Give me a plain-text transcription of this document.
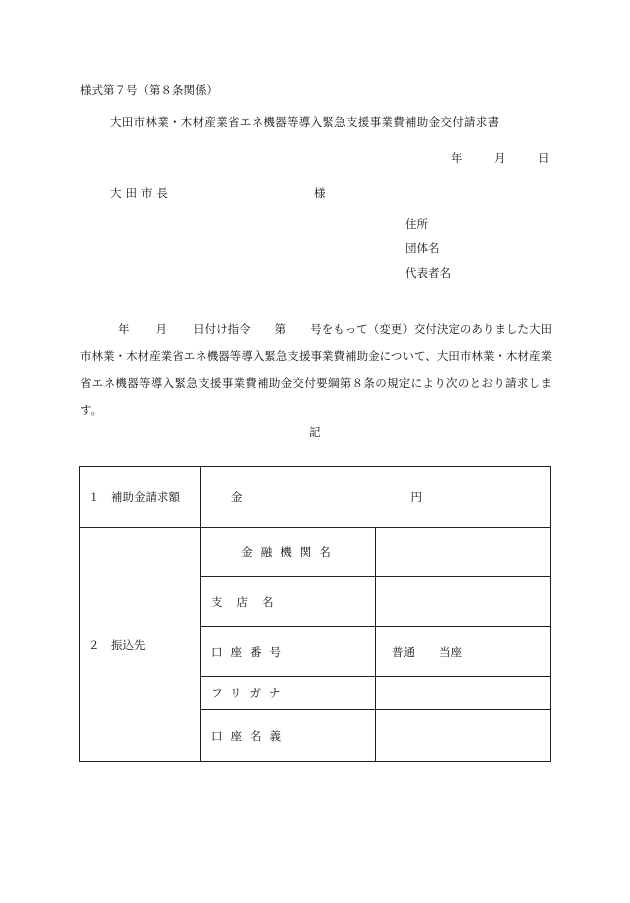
様式第７号（第８条関係）
大田市林業・木材産業省エネ機器等導入緊急支援事業費補助金交付請求書
年	月	日
大田市長	様
住所
団体名
代表者名
年 月 日付け指令 第 号をもって（変更）交付決定のありました大田市林業・木材産業省エネ機器等導入緊急支援事業費補助金について、大田市林業・木材産業省エネ機器等導入緊急支援事業費補助金交付要綱第８条の規定により次のとおり請求します。
記
１　補助金請求額	金 円	
２　振込先	金融機関名	
	支店名	
	口座番号	普通 当座
	フリガナ	
	口座名義	
